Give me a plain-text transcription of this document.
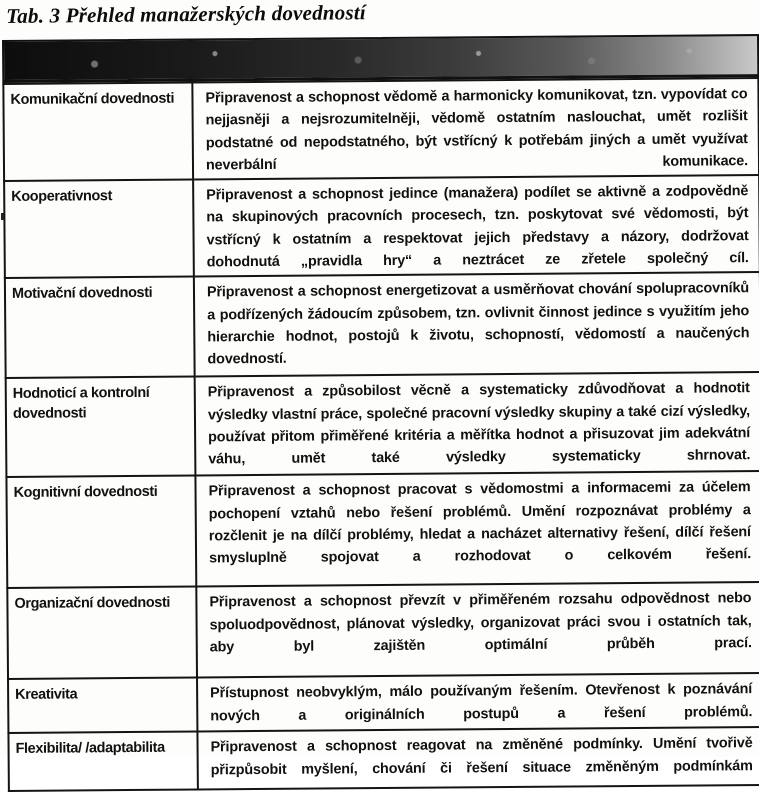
Tab. 3 Přehled manažerských dovedností
Komunikační dovednosti	Připravenost a schopnost vědomě a harmonicky komunikovat, tzn. vypovídat co nejjasněji a nejsrozumitelněji, vědomě ostatním naslouchat, umět rozlišit podstatné od nepodstatného, být vstřícný k potřebám jiných a umět využívat neverbální komunikace.
Kooperativnost	Připravenost a schopnost jedince (manažera) podílet se aktivně a zodpovědně na skupinových pracovních procesech, tzn. poskytovat své vědomosti, být vstřícný k ostatním a respektovat jejich představy a názory, dodržovat dohodnutá „pravidla hry“ a neztrácet ze zřetele společný cíl.
Motivační dovednosti	Připravenost a schopnost energetizovat a usměrňovat chování spolupracovníků a podřízených žádoucím způsobem, tzn. ovlivnit činnost jedince s využitím jeho hierarchie hodnot, postojů k životu, schopností, vědomostí a naučených dovedností.
Hodnoticí a kontrolní dovednosti	Připravenost a způsobilost věcně a systematicky zdůvodňovat a hodnotit výsledky vlastní práce, společné pracovní výsledky skupiny a také cizí výsledky, používat přitom přiměřené kritéria a měřítka hodnot a přisuzovat jim adekvátní váhu, umět také výsledky systematicky shrnovat.
Kognitivní dovednosti	Připravenost a schopnost pracovat s vědomostmi a informacemi za účelem pochopení vztahů nebo řešení problémů. Umění rozpoznávat problémy a rozčlenit je na dílčí problémy, hledat a nacházet alternativy řešení, dílčí řešení smysluplně spojovat a rozhodovat o celkovém řešení.
Organizační dovednosti	Připravenost a schopnost převzít v přiměřeném rozsahu odpovědnost nebo spoluodpovědnost, plánovat výsledky, organizovat práci svou i ostatních tak, aby byl zajištěn optimální průběh prací.
Kreativita	Přístupnost neobvyklým, málo používaným řešením. Otevřenost k poznávání nových a originálních postupů a řešení problémů.
Flexibilita/ /adaptabilita	Připravenost a schopnost reagovat na změněné podmínky. Umění tvořivě přizpůsobit myšlení, chování či řešení situace změněným podmínkám
